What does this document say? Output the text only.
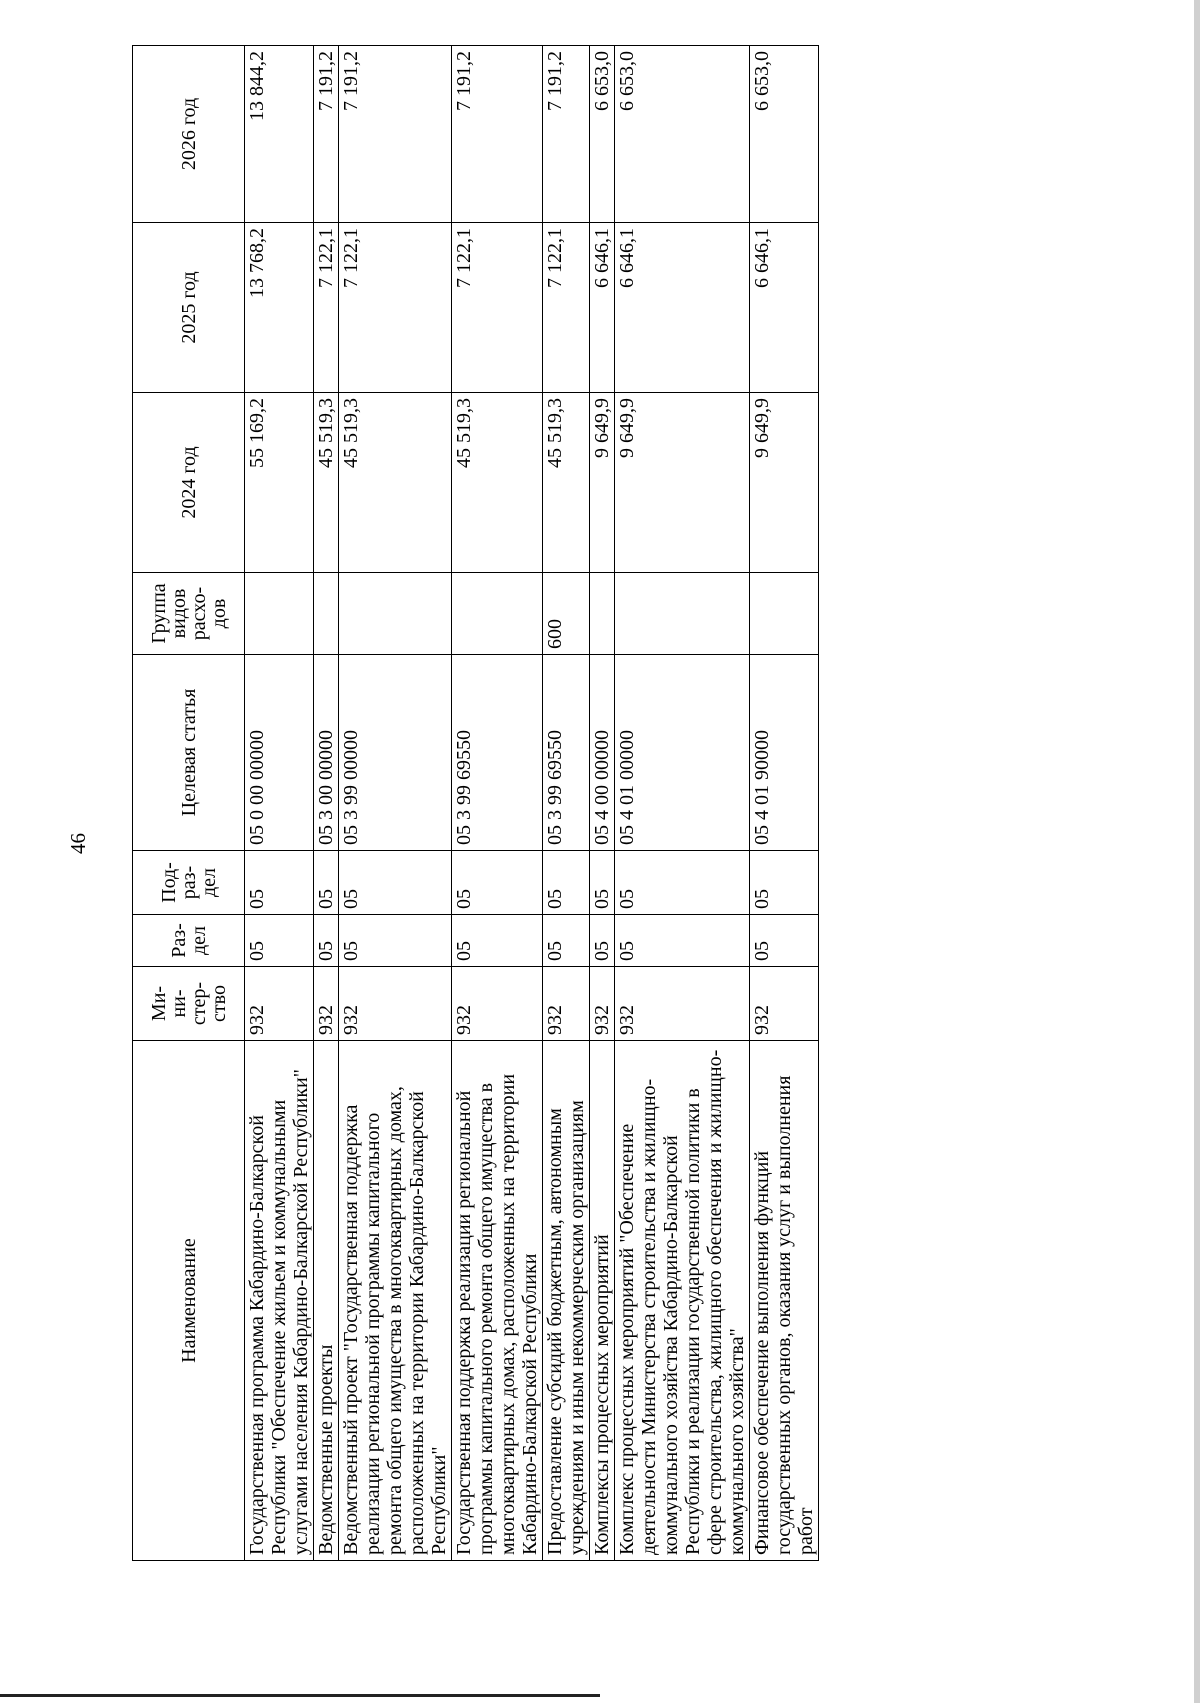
46
Наименование	Ми-
ни-
стер-
ство	Раз-
дел	Под-
раз-
дел	Целевая статья	Группа
видов
расхо-
дов	2024 год	2025 год	2026 год
Государственная программа Кабардино-Балкарской Республики "Обеспечение жильем и коммунальными услугами населения Кабардино-Балкарской Республики"	932	05	05	05 0 00 00000		55 169,2	13 768,2	13 844,2
Ведомственные проекты	932	05	05	05 3 00 00000		45 519,3	7 122,1	7 191,2
Ведомственный проект "Государственная поддержка реализации региональной программы капитального ремонта общего имущества в многоквартирных домах, расположенных на территории Кабардино-Балкарской Республики"	932	05	05	05 3 99 00000		45 519,3	7 122,1	7 191,2
Государственная поддержка реализации региональной программы капитального ремонта общего имущества в многоквартирных домах, расположенных на территории Кабардино-Балкарской Республики	932	05	05	05 3 99 69550		45 519,3	7 122,1	7 191,2
Предоставление субсидий бюджетным, автономным учреждениям и иным некоммерческим организациям	932	05	05	05 3 99 69550	600	45 519,3	7 122,1	7 191,2
Комплексы процессных мероприятий	932	05	05	05 4 00 00000		9 649,9	6 646,1	6 653,0
Комплекс процессных мероприятий "Обеспечение деятельности Министерства строительства и жилищно-коммунального хозяйства Кабардино-Балкарской Республики и реализации государственной политики в сфере строительства, жилищного обеспечения и жилищно-коммунального хозяйства"	932	05	05	05 4 01 00000		9 649,9	6 646,1	6 653,0
Финансовое обеспечение выполнения функций государственных органов, оказания услуг и выполнения работ	932	05	05	05 4 01 90000		9 649,9	6 646,1	6 653,0
